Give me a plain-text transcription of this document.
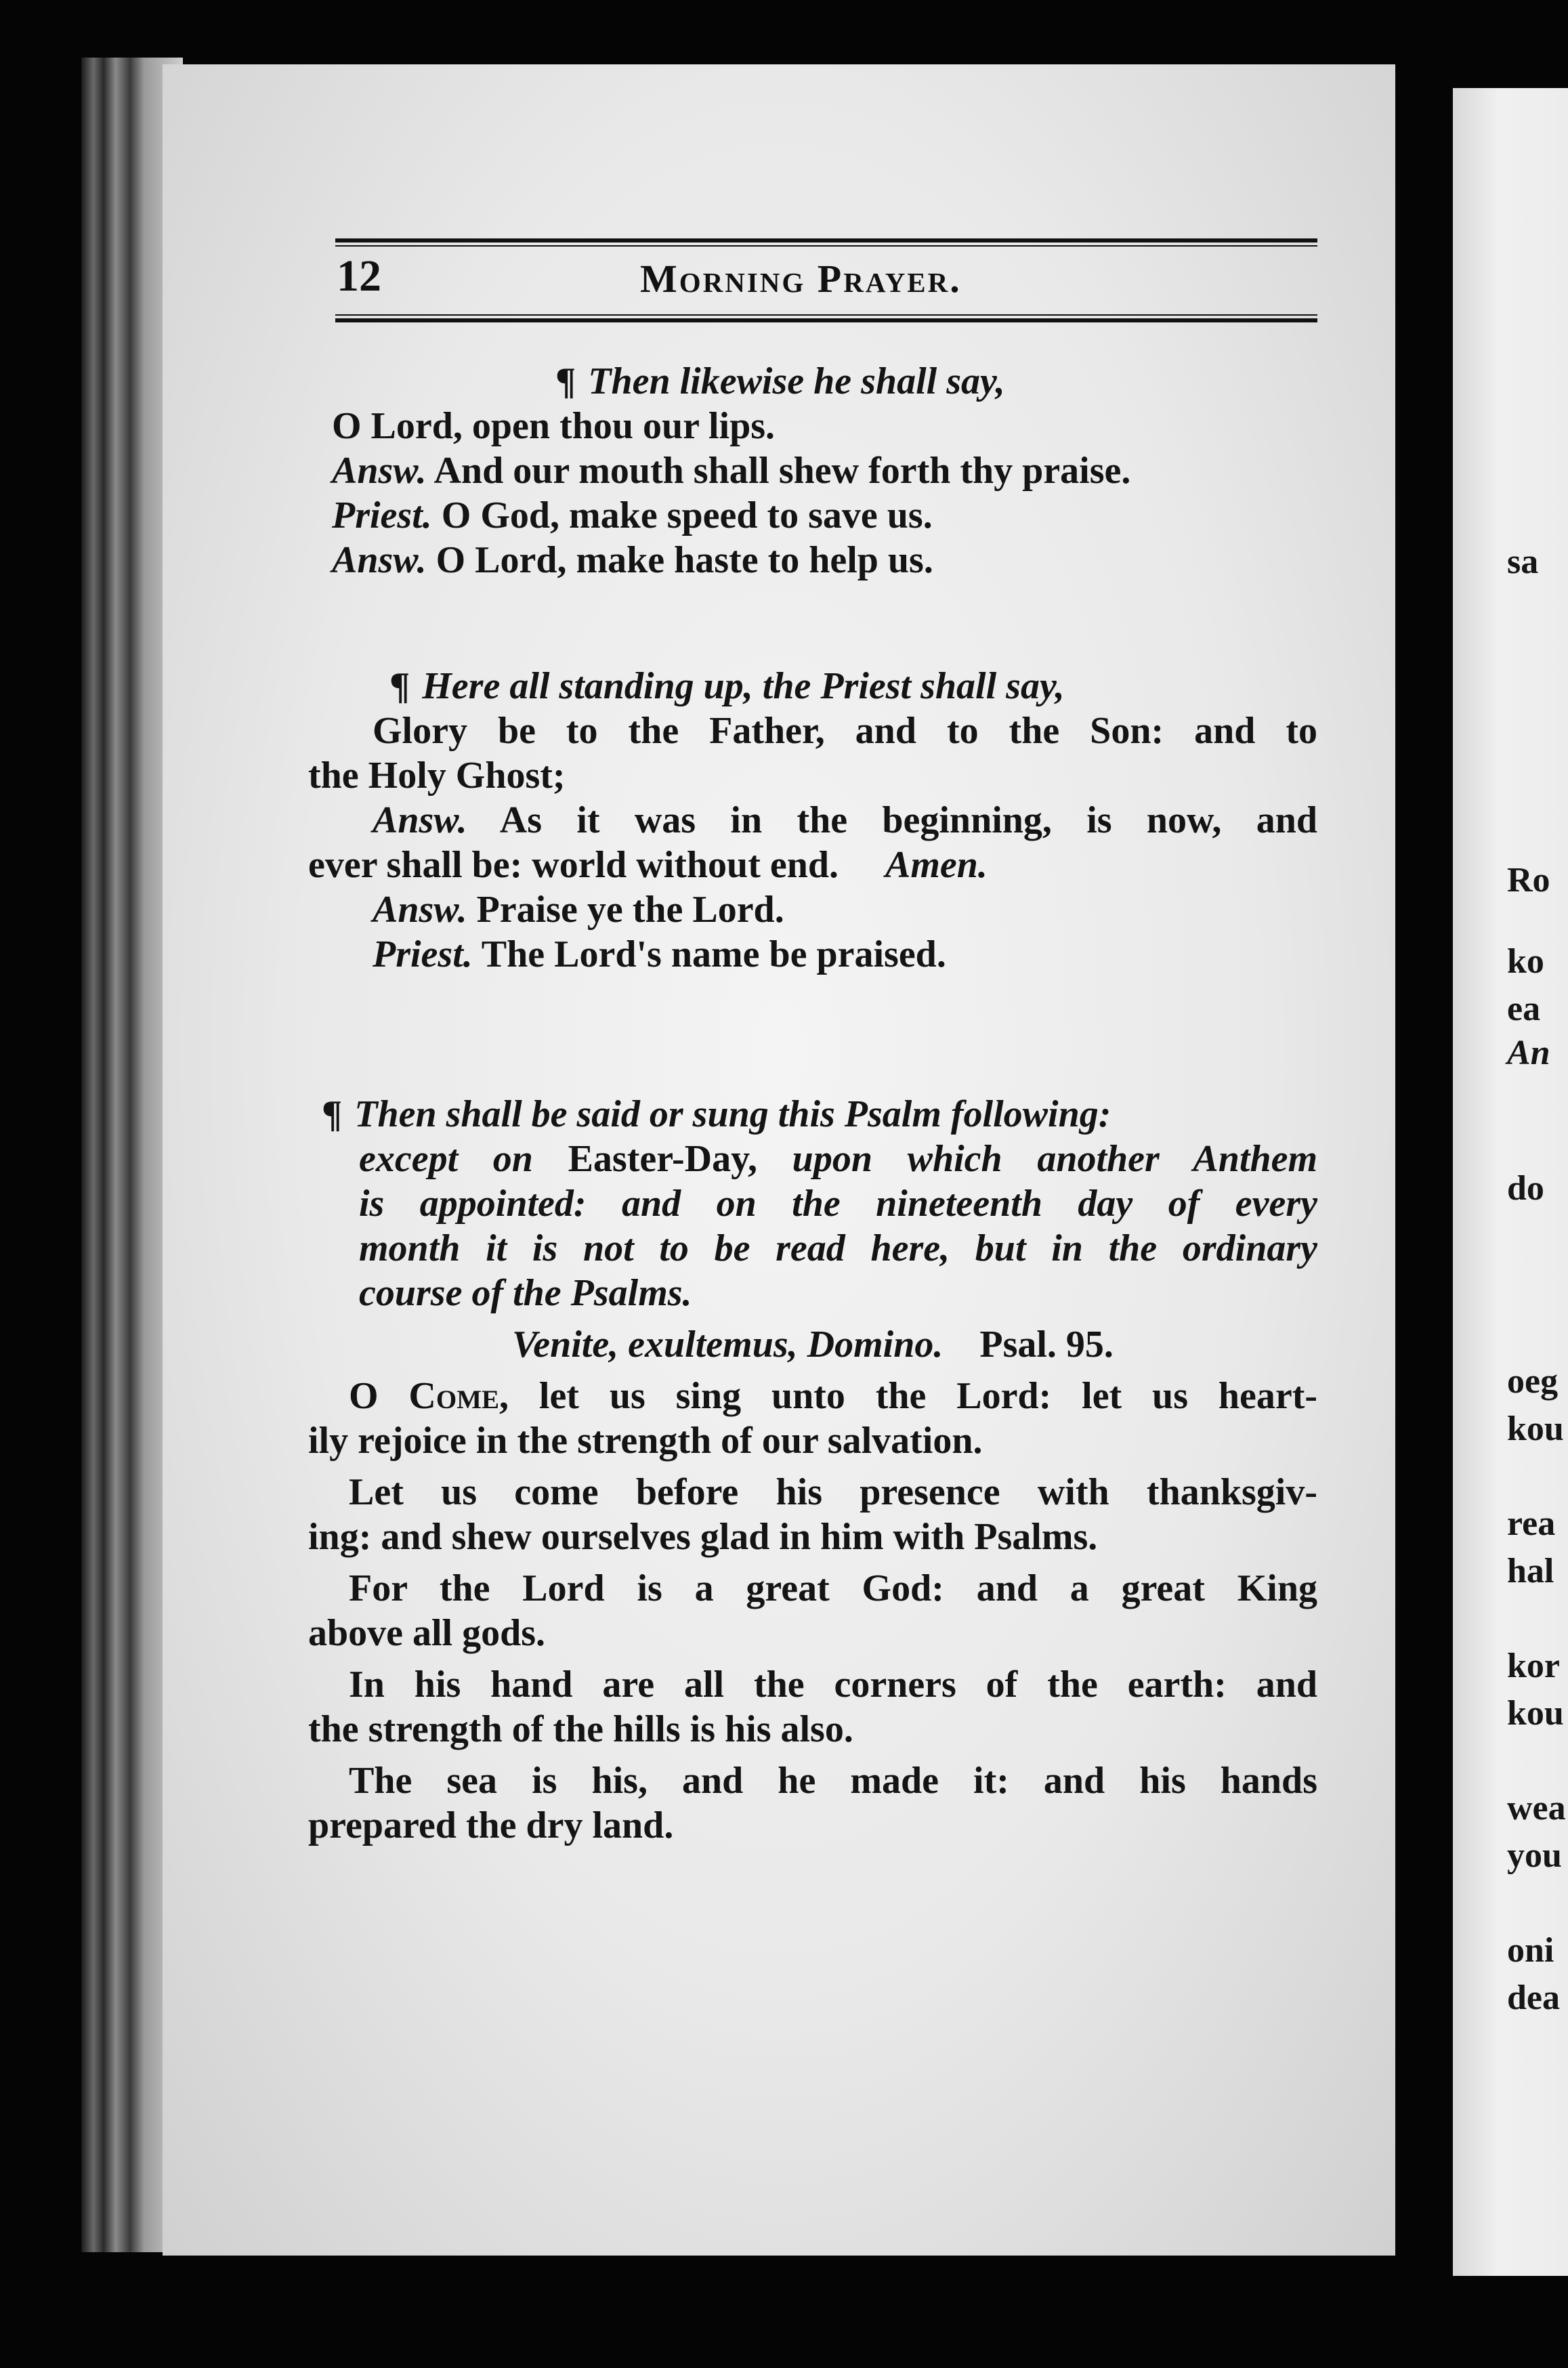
sa
Ro
ko
ea
An
do
oeg
kou
rea
hal
kor
kou
wea
you
oni
dea
12	Morning Prayer.
¶ Then likewise he shall say,
O Lord, open thou our lips.
Answ. And our mouth shall shew forth thy praise.
Priest. O God, make speed to save us.
Answ. O Lord, make haste to help us.
¶ Here all standing up, the Priest shall say,
Glory be to the Father, and to the Son: and to
the Holy Ghost;
Answ. As it was in the beginning, is now, and
ever shall be: world without end. Amen.
Answ. Praise ye the Lord.
Priest. The Lord's name be praised.
¶ Then shall be said or sung this Psalm following:
except on Easter-Day, upon which another Anthem
is appointed: and on the nineteenth day of every
month it is not to be read here, but in the ordinary
course of the Psalms.
Venite, exultemus, Domino. Psal. 95.
O Come, let us sing unto the Lord: let us heart-
ily rejoice in the strength of our salvation.
Let us come before his presence with thanksgiv-
ing: and shew ourselves glad in him with Psalms.
For the Lord is a great God: and a great King
above all gods.
In his hand are all the corners of the earth: and
the strength of the hills is his also.
The sea is his, and he made it: and his hands
prepared the dry land.
